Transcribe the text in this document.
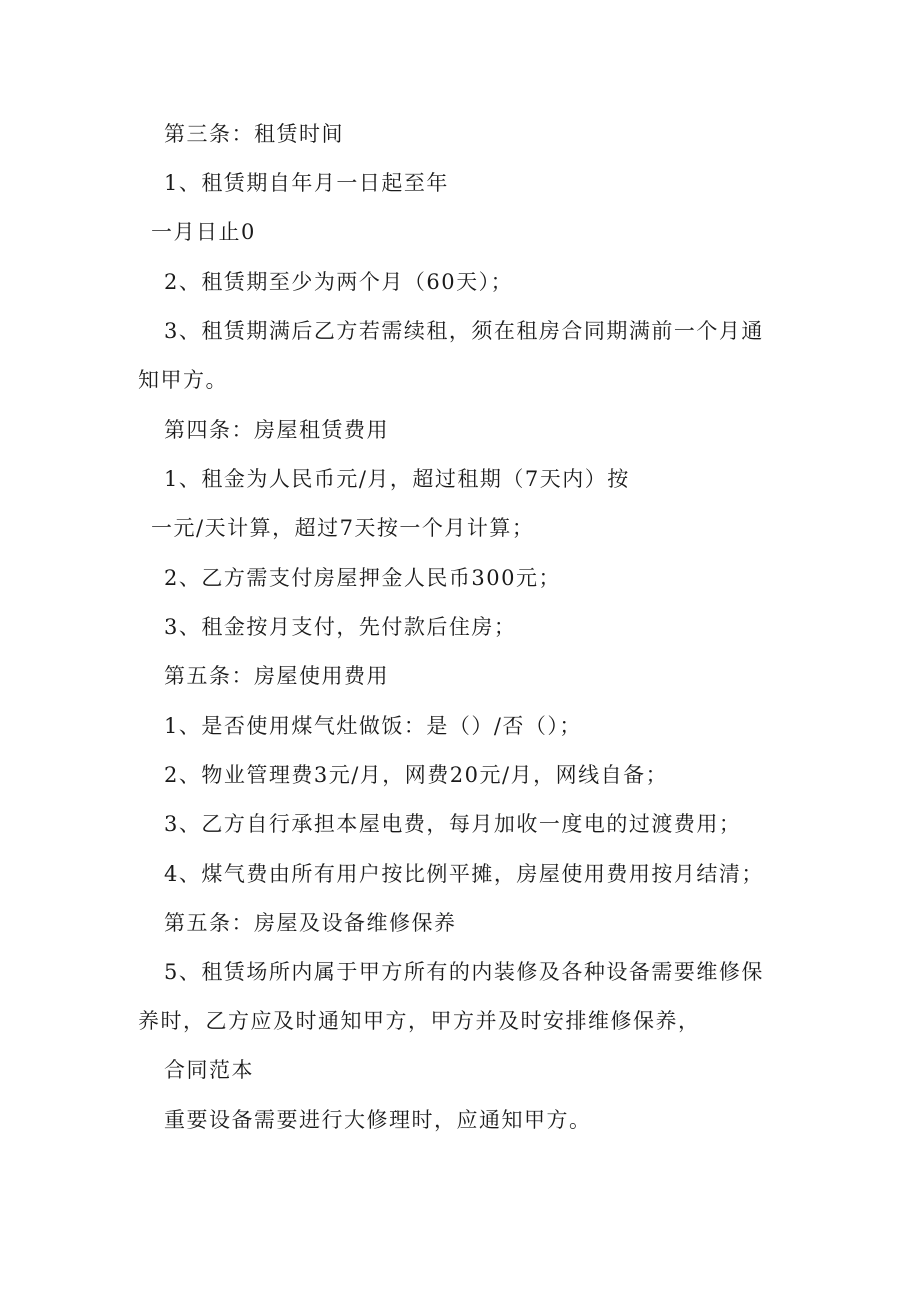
第三条：租赁时间
1、租赁期自年月一日起至年
一月日止0
2、租赁期至少为两个月（60天）；
3、租赁期满后乙方若需续租，须在租房合同期满前一个月通
知甲方。
第四条：房屋租赁费用
1、租金为人民币元/月，超过租期（7天内）按
一元/天计算，超过7天按一个月计算；
2、乙方需支付房屋押金人民币300元；
3、租金按月支付，先付款后住房；
第五条：房屋使用费用
1、是否使用煤气灶做饭：是（）/否（）；
2、物业管理费3元/月，网费20元/月，网线自备；
3、乙方自行承担本屋电费，每月加收一度电的过渡费用；
4、煤气费由所有用户按比例平摊，房屋使用费用按月结清；
第五条：房屋及设备维修保养
5、租赁场所内属于甲方所有的内装修及各种设备需要维修保
养时，乙方应及时通知甲方，甲方并及时安排维修保养，
合同范本
重要设备需要进行大修理时，应通知甲方。
